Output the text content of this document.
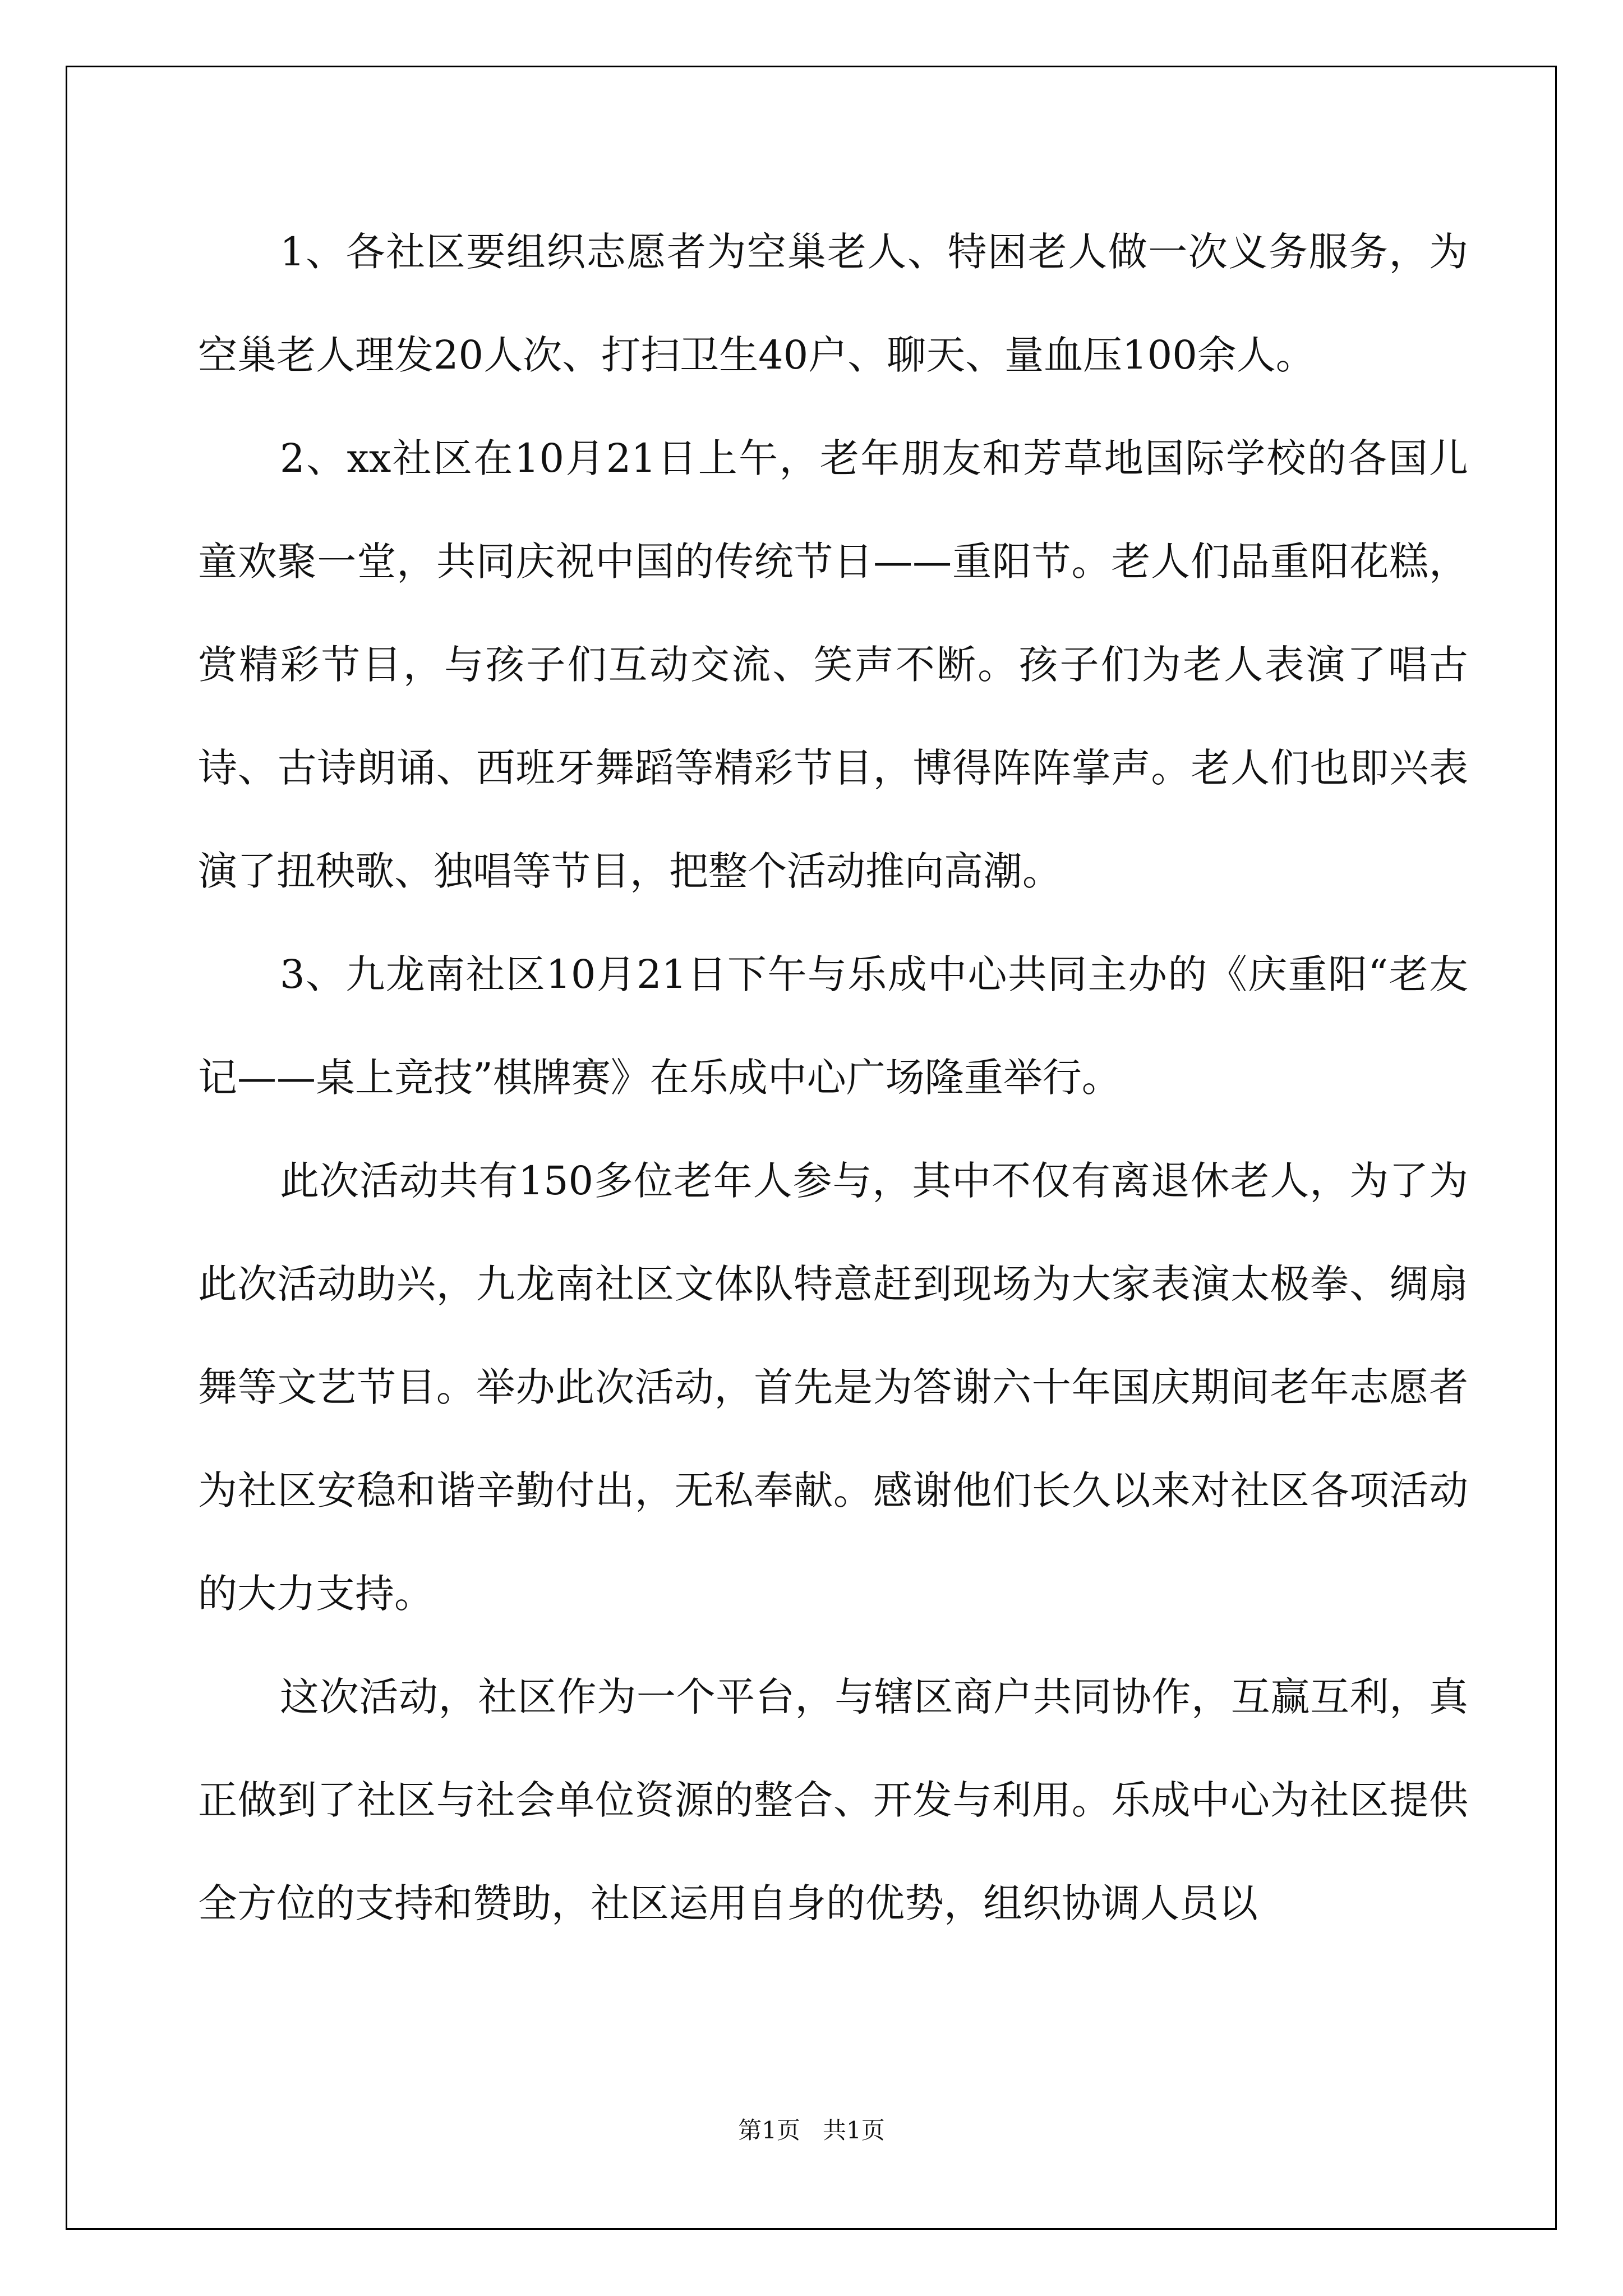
1、各社区要组织志愿者为空巢老人、特困老人做一次义务服务，为空巢老人理发20人次、打扫卫生40户、聊天、量血压100余人。

2、xx社区在10月21日上午，老年朋友和芳草地国际学校的各国儿童欢聚一堂，共同庆祝中国的传统节日——重阳节。老人们品重阳花糕，赏精彩节目，与孩子们互动交流、笑声不断。孩子们为老人表演了唱古诗、古诗朗诵、西班牙舞蹈等精彩节目，博得阵阵掌声。老人们也即兴表演了扭秧歌、独唱等节目，把整个活动推向高潮。

3、九龙南社区10月21日下午与乐成中心共同主办的《庆重阳“老友记——桌上竞技”棋牌赛》在乐成中心广场隆重举行。

此次活动共有150多位老年人参与，其中不仅有离退休老人，为了为此次活动助兴，九龙南社区文体队特意赶到现场为大家表演太极拳、绸扇舞等文艺节目。举办此次活动，首先是为答谢六十年国庆期间老年志愿者为社区安稳和谐辛勤付出，无私奉献。感谢他们长久以来对社区各项活动的大力支持。

这次活动，社区作为一个平台，与辖区商户共同协作，互赢互利，真正做到了社区与社会单位资源的整合、开发与利用。乐成中心为社区提供全方位的支持和赞助，社区运用自身的优势，组织协调人员以

第1页   共1页
